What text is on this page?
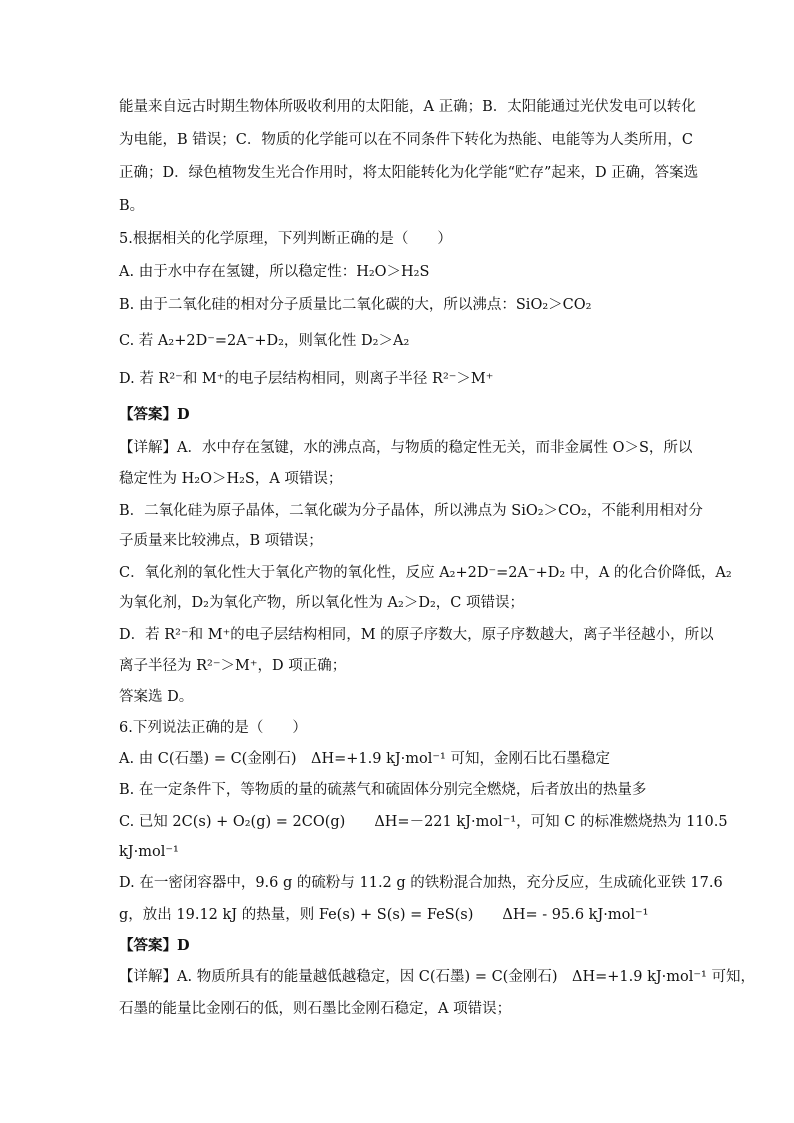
能量来自远古时期生物体所吸收利用的太阳能，A 正确；B．太阳能通过光伏发电可以转化
为电能，B 错误；C．物质的化学能可以在不同条件下转化为热能、电能等为人类所用，C
正确；D．绿色植物发生光合作用时，将太阳能转化为化学能“贮存”起来，D 正确，答案选
B。
5.根据相关的化学原理，下列判断正确的是（　　）
A. 由于水中存在氢键，所以稳定性：H₂O＞H₂S
B. 由于二氧化硅的相对分子质量比二氧化碳的大，所以沸点：SiO₂＞CO₂
C. 若 A₂+2D⁻=2A⁻+D₂，则氧化性 D₂＞A₂
D. 若 R²⁻和 M⁺的电子层结构相同，则离子半径 R²⁻＞M⁺
【答案】D
【详解】A．水中存在氢键，水的沸点高，与物质的稳定性无关，而非金属性 O＞S，所以
稳定性为 H₂O＞H₂S，A 项错误；
B．二氧化硅为原子晶体，二氧化碳为分子晶体，所以沸点为 SiO₂＞CO₂，不能利用相对分
子质量来比较沸点，B 项错误；
C．氧化剂的氧化性大于氧化产物的氧化性，反应 A₂+2D⁻=2A⁻+D₂ 中，A 的化合价降低，A₂
为氧化剂，D₂为氧化产物，所以氧化性为 A₂＞D₂，C 项错误；
D．若 R²⁻和 M⁺的电子层结构相同，M 的原子序数大，原子序数越大，离子半径越小，所以
离子半径为 R²⁻＞M⁺，D 项正确；
答案选 D。
6.下列说法正确的是（　　）
A. 由 C(石墨) = C(金刚石)　ΔH=+1.9 kJ·mol⁻¹ 可知，金刚石比石墨稳定
B. 在一定条件下，等物质的量的硫蒸气和硫固体分别完全燃烧，后者放出的热量多
C. 已知 2C(s) + O₂(g) = 2CO(g)　　ΔH=－221 kJ·mol⁻¹，可知 C 的标准燃烧热为 110.5
kJ·mol⁻¹
D. 在一密闭容器中，9.6 g 的硫粉与 11.2 g 的铁粉混合加热，充分反应，生成硫化亚铁 17.6
g，放出 19.12 kJ 的热量，则 Fe(s) + S(s) = FeS(s)　　ΔH= - 95.6 kJ·mol⁻¹
【答案】D
【详解】A. 物质所具有的能量越低越稳定，因 C(石墨) = C(金刚石)　ΔH=+1.9 kJ·mol⁻¹ 可知，
石墨的能量比金刚石的低，则石墨比金刚石稳定，A 项错误；
